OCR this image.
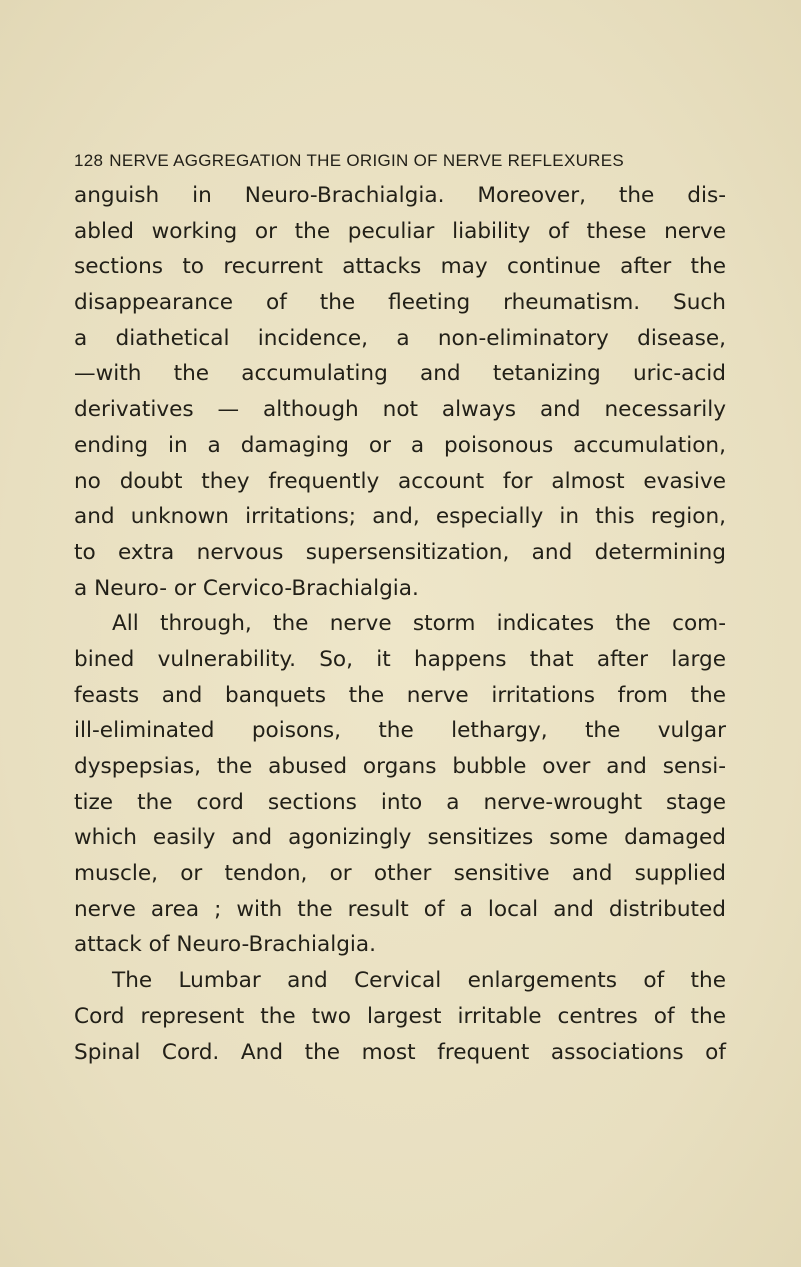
128 NERVE AGGREGATION THE ORIGIN OF NERVE REFLEXURES
anguish in Neuro-Brachialgia. Moreover, the dis-
abled working or the peculiar liability of these nerve
sections to recurrent attacks may continue after the
disappearance of the fleeting rheumatism. Such
a diathetical incidence, a non-eliminatory disease,
—with the accumulating and tetanizing uric-acid
derivatives — although not always and necessarily
ending in a damaging or a poisonous accumulation,
no doubt they frequently account for almost evasive
and unknown irritations; and, especially in this region,
to extra nervous supersensitization, and determining
a Neuro- or Cervico-Brachialgia.
All through, the nerve storm indicates the com-
bined vulnerability. So, it happens that after large
feasts and banquets the nerve irritations from the
ill-eliminated poisons, the lethargy, the vulgar
dyspepsias, the abused organs bubble over and sensi-
tize the cord sections into a nerve-wrought stage
which easily and agonizingly sensitizes some damaged
muscle, or tendon, or other sensitive and supplied
nerve area ; with the result of a local and distributed
attack of Neuro-Brachialgia.
The Lumbar and Cervical enlargements of the
Cord represent the two largest irritable centres of the
Spinal Cord. And the most frequent associations of
